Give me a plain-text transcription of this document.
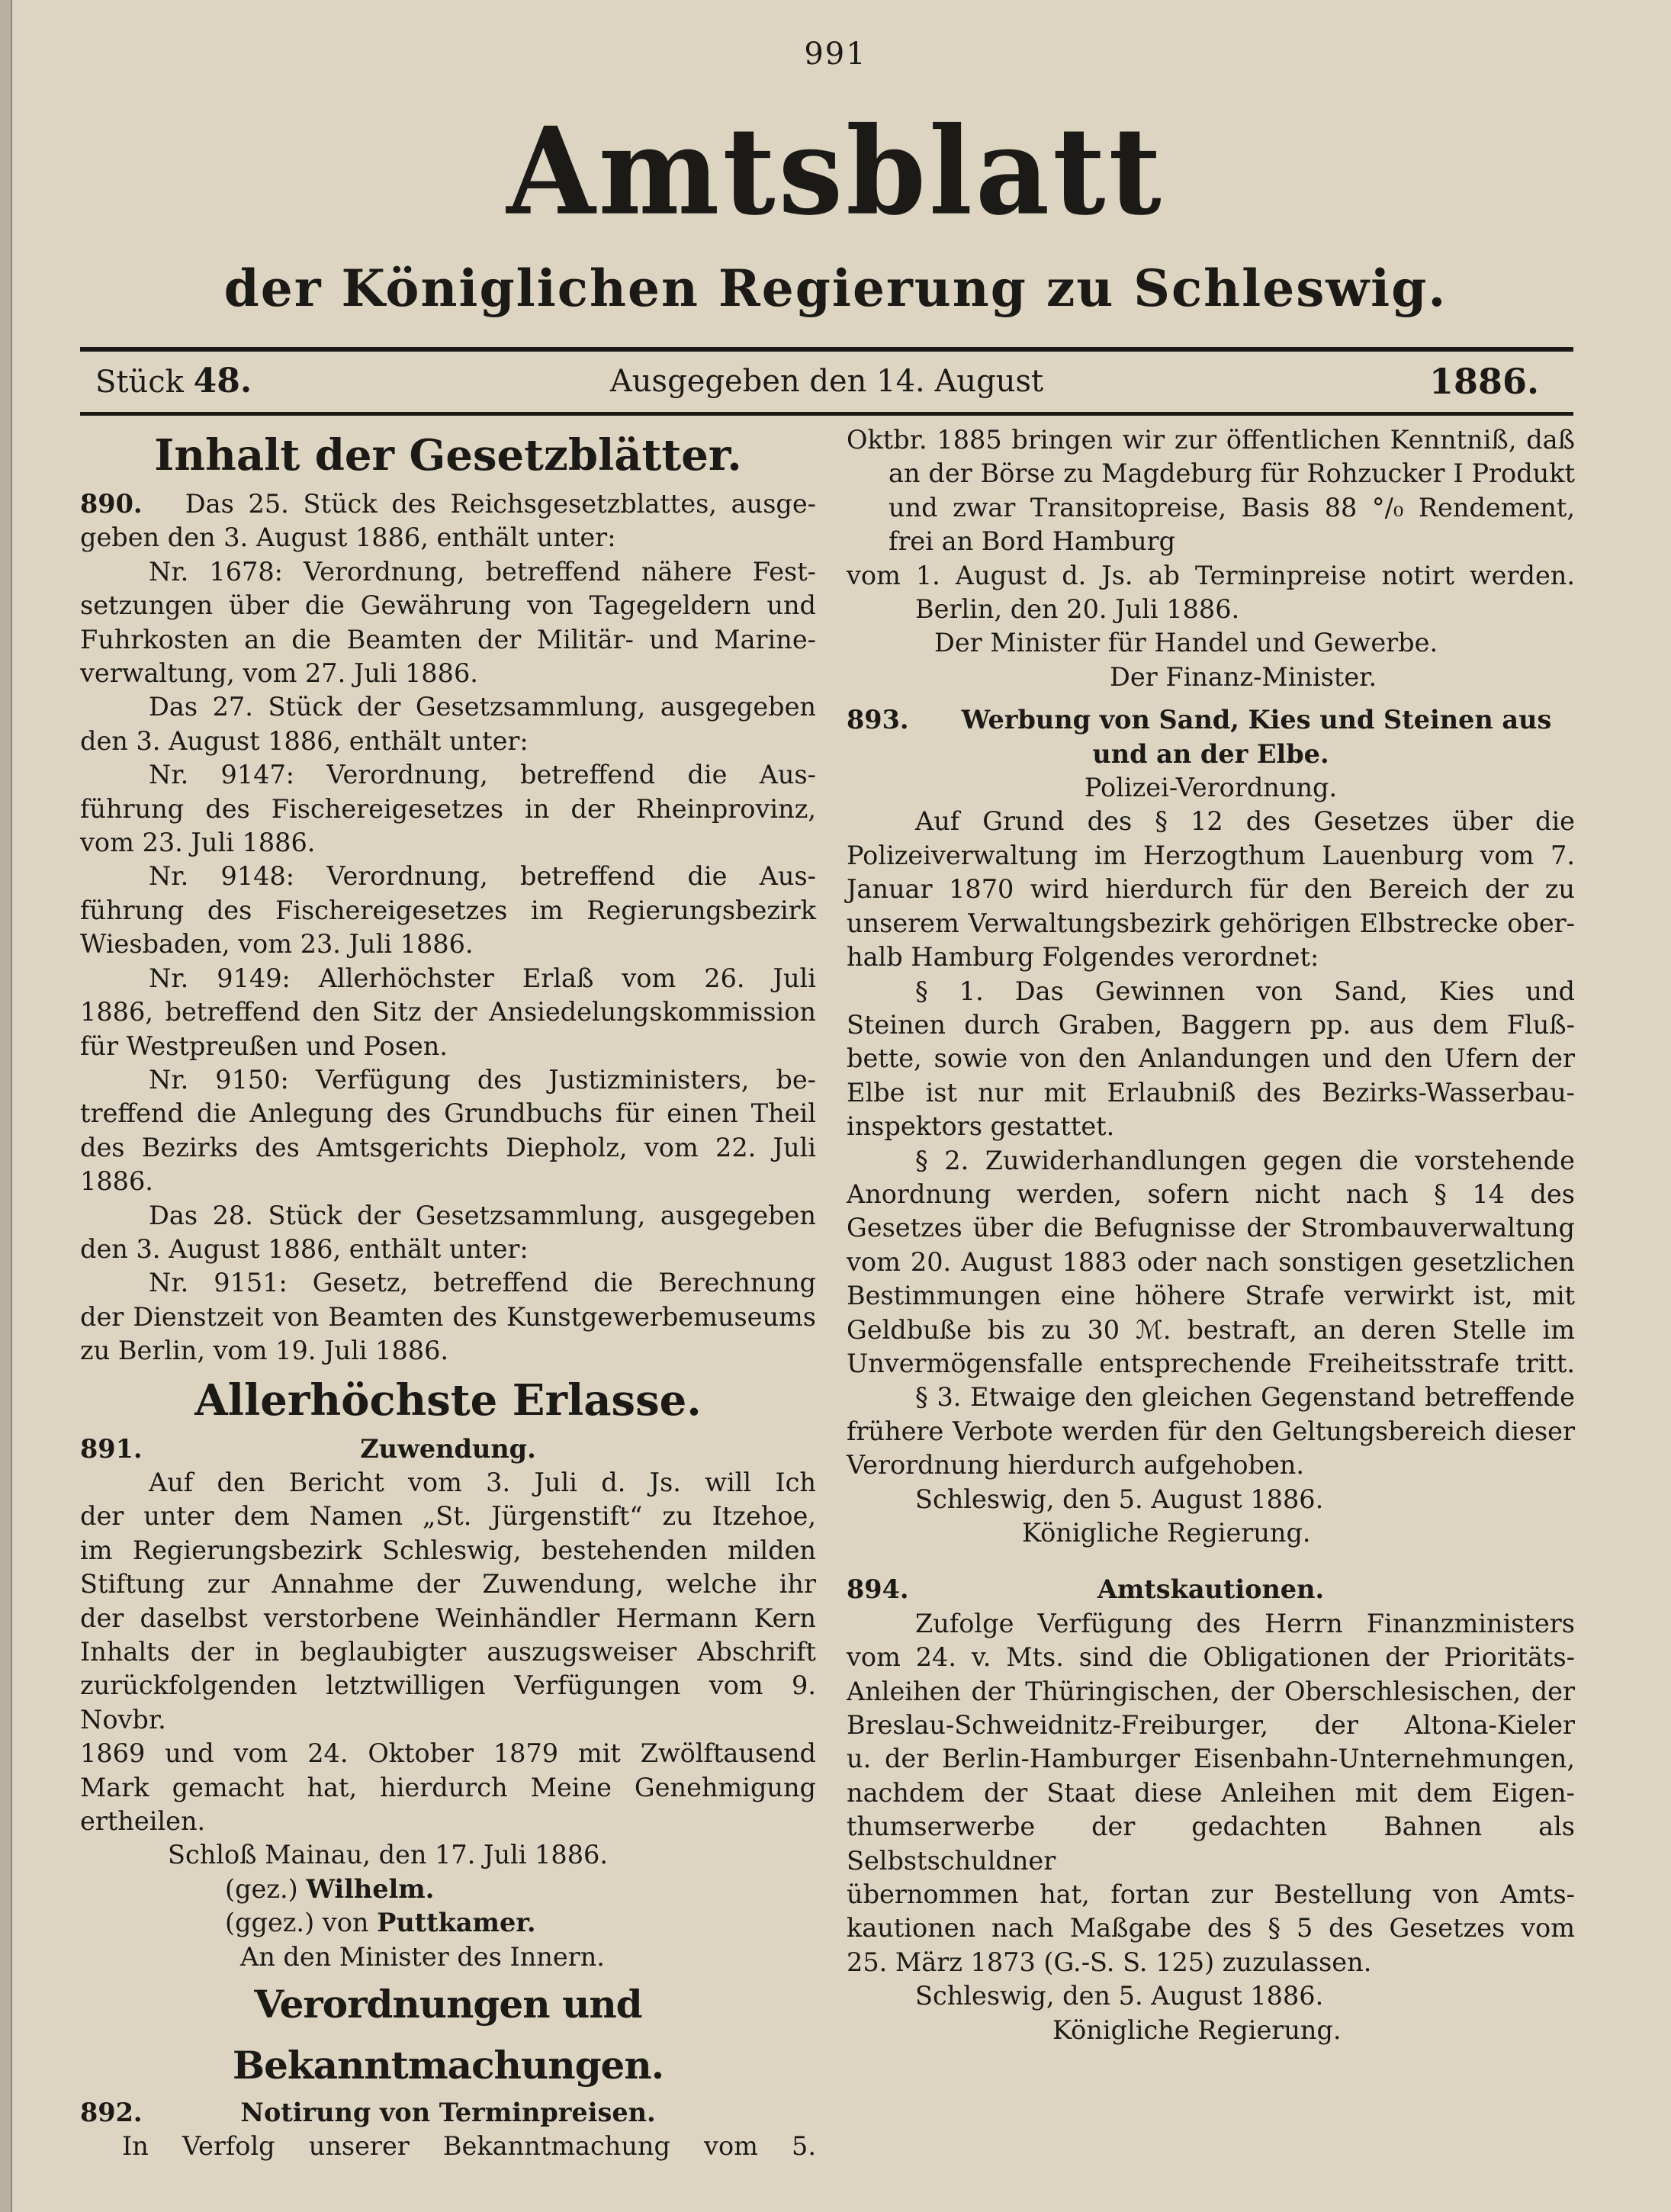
991
Amtsblatt
der Königlichen Regierung zu Schleswig.
Stück 48.	Ausgegeben den 14. August	1886.

Inhalt der Gesetzblätter.

890. Das 25. Stück des Reichsgesetzblattes, ausge-

geben den 3. August 1886, enthält unter:

Nr. 1678: Verordnung, betreffend nähere Fest-

setzungen über die Gewährung von Tagegeldern und

Fuhrkosten an die Beamten der Militär- und Marine-

verwaltung, vom 27. Juli 1886.

Das 27. Stück der Gesetzsammlung, ausgegeben

den 3. August 1886, enthält unter:

Nr. 9147: Verordnung, betreffend die Aus-

führung des Fischereigesetzes in der Rheinprovinz,

vom 23. Juli 1886.

Nr. 9148: Verordnung, betreffend die Aus-

führung des Fischereigesetzes im Regierungsbezirk

Wiesbaden, vom 23. Juli 1886.

Nr. 9149: Allerhöchster Erlaß vom 26. Juli

1886, betreffend den Sitz der Ansiedelungskommission

für Westpreußen und Posen.

Nr. 9150: Verfügung des Justizministers, be-

treffend die Anlegung des Grundbuchs für einen Theil

des Bezirks des Amtsgerichts Diepholz, vom 22. Juli

1886.

Das 28. Stück der Gesetzsammlung, ausgegeben

den 3. August 1886, enthält unter:

Nr. 9151: Gesetz, betreffend die Berechnung

der Dienstzeit von Beamten des Kunstgewerbemuseums

zu Berlin, vom 19. Juli 1886.

Allerhöchste Erlasse.

891.	Zuwendung.

Auf den Bericht vom 3. Juli d. Js. will Ich

der unter dem Namen „St. Jürgenstift“ zu Itzehoe,

im Regierungsbezirk Schleswig, bestehenden milden

Stiftung zur Annahme der Zuwendung, welche ihr

der daselbst verstorbene Weinhändler Hermann Kern

Inhalts der in beglaubigter auszugsweiser Abschrift

zurückfolgenden letztwilligen Verfügungen vom 9. Novbr.

1869 und vom 24. Oktober 1879 mit Zwölftausend

Mark gemacht hat, hierdurch Meine Genehmigung

ertheilen.

Schloß Mainau, den 17. Juli 1886.

(gez.) Wilhelm.

(ggez.) von Puttkamer.

An den Minister des Innern.

Verordnungen und Bekanntmachungen.

892.	Notirung von Terminpreisen.

In Verfolg unserer Bekanntmachung vom 5.

Oktbr. 1885 bringen wir zur öffentlichen Kenntniß, daß

an der Börse zu Magdeburg für Rohzucker I Produkt

und zwar Transitopreise, Basis 88 °/₀ Rendement,

frei an Bord Hamburg

vom 1. August d. Js. ab Terminpreise notirt werden.

Berlin, den 20. Juli 1886.

Der Minister für Handel und Gewerbe.

Der Finanz-Minister.

893.	Werbung von Sand, Kies und Steinen aus

und an der Elbe.

Polizei-Verordnung.

Auf Grund des § 12 des Gesetzes über die

Polizeiverwaltung im Herzogthum Lauenburg vom 7.

Januar 1870 wird hierdurch für den Bereich der zu

unserem Verwaltungsbezirk gehörigen Elbstrecke ober-

halb Hamburg Folgendes verordnet:

§ 1. Das Gewinnen von Sand, Kies und

Steinen durch Graben, Baggern pp. aus dem Fluß-

bette, sowie von den Anlandungen und den Ufern der

Elbe ist nur mit Erlaubniß des Bezirks-Wasserbau-

inspektors gestattet.

§ 2. Zuwiderhandlungen gegen die vorstehende

Anordnung werden, sofern nicht nach § 14 des

Gesetzes über die Befugnisse der Strombauverwaltung

vom 20. August 1883 oder nach sonstigen gesetzlichen

Bestimmungen eine höhere Strafe verwirkt ist, mit

Geldbuße bis zu 30 ℳ. bestraft, an deren Stelle im

Unvermögensfalle entsprechende Freiheitsstrafe tritt.

§ 3. Etwaige den gleichen Gegenstand betreffende

frühere Verbote werden für den Geltungsbereich dieser

Verordnung hierdurch aufgehoben.

Schleswig, den 5. August 1886.

Königliche Regierung.

894.	Amtskautionen.

Zufolge Verfügung des Herrn Finanzministers

vom 24. v. Mts. sind die Obligationen der Prioritäts-

Anleihen der Thüringischen, der Oberschlesischen, der

Breslau-Schweidnitz-Freiburger, der Altona-Kieler

u. der Berlin-Hamburger Eisenbahn-Unternehmungen,

nachdem der Staat diese Anleihen mit dem Eigen-

thumserwerbe der gedachten Bahnen als Selbstschuldner

übernommen hat, fortan zur Bestellung von Amts-

kautionen nach Maßgabe des § 5 des Gesetzes vom

25. März 1873 (G.-S. S. 125) zuzulassen.

Schleswig, den 5. August 1886.

Königliche Regierung.
